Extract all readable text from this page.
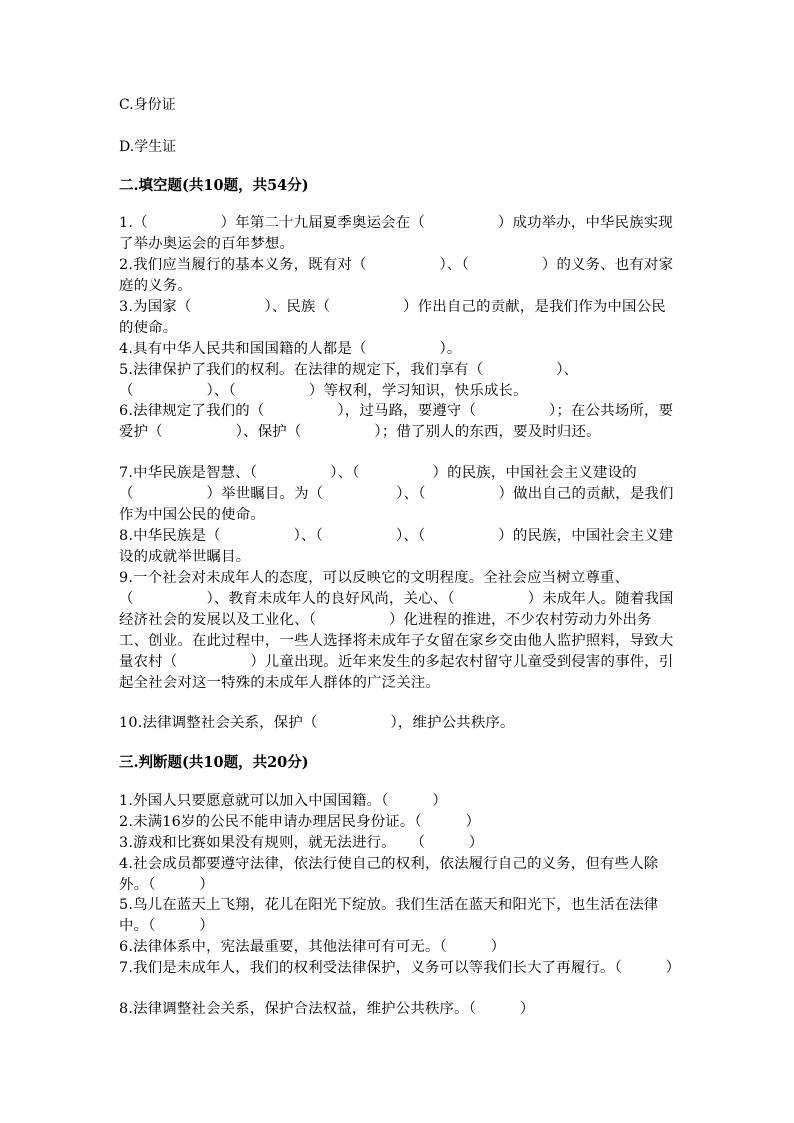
C.身份证
D.学生证
二.填空题(共10题，共54分)
1.（　　　　　）年第二十九届夏季奥运会在（　　　　　）成功举办，中华民族实现了举办奥运会的百年梦想。
2.我们应当履行的基本义务，既有对（　　　　　）、（　　　　　）的义务、也有对家庭的义务。
3.为国家（　　　　　）、民族（　　　　　）作出自己的贡献，是我们作为中国公民的使命。
4.具有中华人民共和国国籍的人都是（　　　　　）。
5.法律保护了我们的权利。在法律的规定下，我们享有（　　　　　）、（　　　　　）、（　　　　　）等权利，学习知识，快乐成长。
6.法律规定了我们的（　　　　　），过马路，要遵守（　　　　　）；在公共场所，要爱护（　　　　　）、保护（　　　　　）；借了别人的东西，要及时归还。
7.中华民族是智慧、（　　　　　）、（　　　　　）的民族，中国社会主义建设的（　　　　　）举世瞩目。为（　　　　　）、（　　　　　）做出自己的贡献，是我们作为中国公民的使命。
8.中华民族是（　　　　　）、（　　　　　）、（　　　　　）的民族，中国社会主义建设的成就举世瞩目。
9.一个社会对未成年人的态度，可以反映它的文明程度。全社会应当树立尊重、（　　　　　）、教育未成年人的良好风尚，关心、（　　　　　）未成年人。随着我国经济社会的发展以及工业化、（　　　　　）化进程的推进，不少农村劳动力外出务工、创业。在此过程中，一些人选择将未成年子女留在家乡交由他人监护照料，导致大量农村（　　　　　）儿童出现。近年来发生的多起农村留守儿童受到侵害的事件，引起全社会对这一特殊的未成年人群体的广泛关注。
10.法律调整社会关系，保护（　　　　　），维护公共秩序。
三.判断题(共10题，共20分)
1.外国人只要愿意就可以加入中国国籍。（　　　）
2.未满16岁的公民不能申请办理居民身份证。（　　　）
3.游戏和比赛如果没有规则，就无法进行。　　（　　　）
4.社会成员都要遵守法律，依法行使自己的权利，依法履行自己的义务，但有些人除外。（　　　）
5.鸟儿在蓝天上飞翔，花儿在阳光下绽放。我们生活在蓝天和阳光下，也生活在法律中。（　　　）
6.法律体系中，宪法最重要，其他法律可有可无。（　　　）
7.我们是未成年人，我们的权利受法律保护，义务可以等我们长大了再履行。（　　　）
8.法律调整社会关系，保护合法权益，维护公共秩序。（　　　）
